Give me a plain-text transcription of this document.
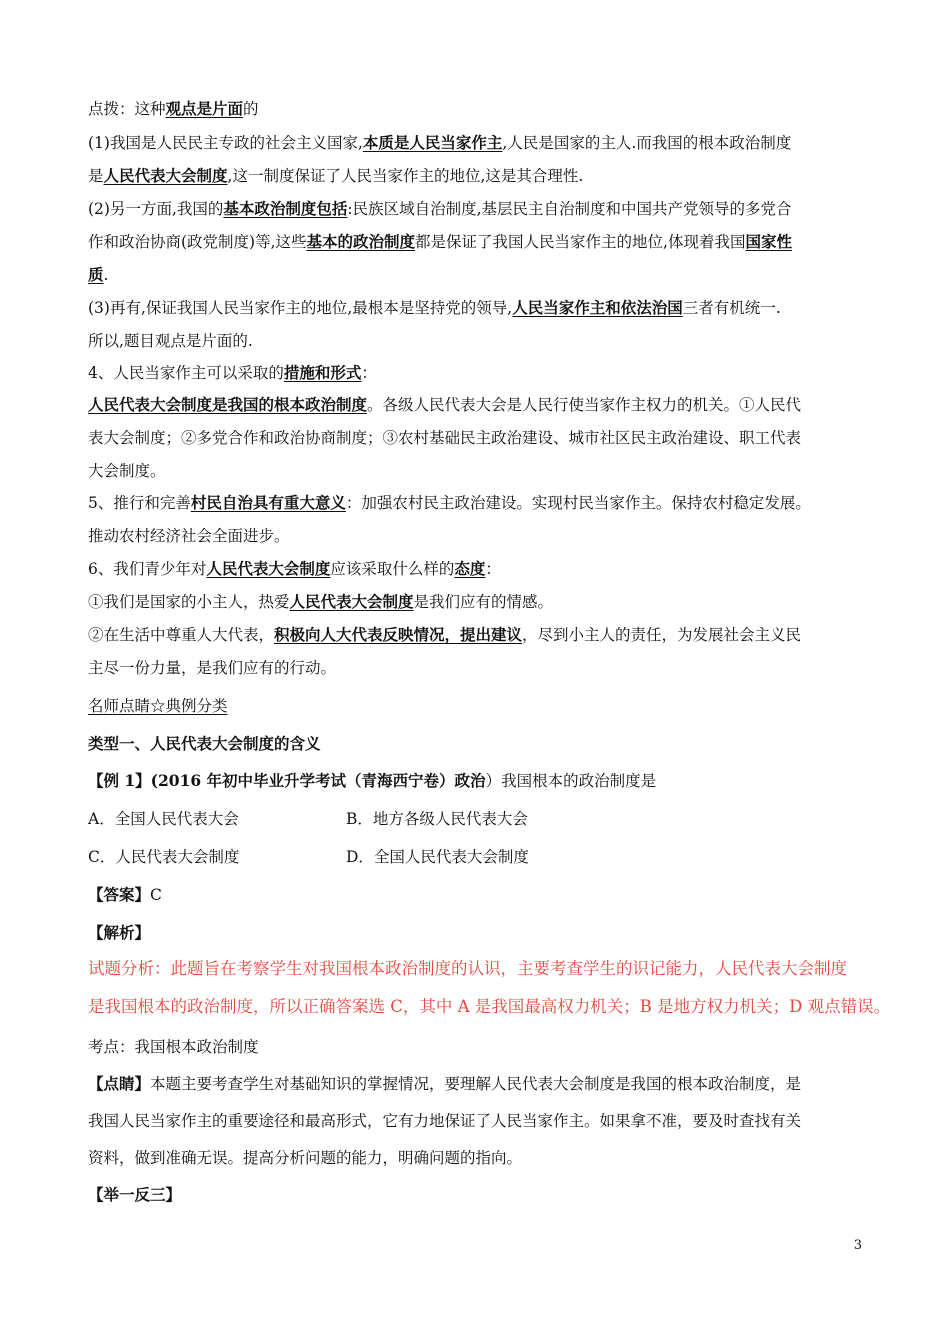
点拨：这种观点是片面的
(1)我国是人民民主专政的社会主义国家,本质是人民当家作主,人民是国家的主人.而我国的根本政治制度
是人民代表大会制度,这一制度保证了人民当家作主的地位,这是其合理性.
(2)另一方面,我国的基本政治制度包括:民族区域自治制度,基层民主自治制度和中国共产党领导的多党合
作和政治协商(政党制度)等,这些基本的政治制度都是保证了我国人民当家作主的地位,体现着我国国家性
质.
(3)再有,保证我国人民当家作主的地位,最根本是坚持党的领导,人民当家作主和依法治国三者有机统一.
所以,题目观点是片面的.
4、人民当家作主可以采取的措施和形式：
人民代表大会制度是我国的根本政治制度。各级人民代表大会是人民行使当家作主权力的机关。①人民代
表大会制度；②多党合作和政治协商制度；③农村基础民主政治建设、城市社区民主政治建设、职工代表
大会制度。
5、推行和完善村民自治具有重大意义：加强农村民主政治建设。实现村民当家作主。保持农村稳定发展。
推动农村经济社会全面进步。
6、我们青少年对人民代表大会制度应该采取什么样的态度：
①我们是国家的小主人，热爱人民代表大会制度是我们应有的情感。
②在生活中尊重人大代表，积极向人大代表反映情况，提出建议，尽到小主人的责任，为发展社会主义民
主尽一份力量，是我们应有的行动。
名师点睛☆典例分类
类型一、人民代表大会制度的含义
【例 1】(2016 年初中毕业升学考试（青海西宁卷）政治）我国根本的政治制度是
A．全国人民代表大会	B．地方各级人民代表大会
C．人民代表大会制度	D．全国人民代表大会制度
【答案】C
【解析】
试题分析：此题旨在考察学生对我国根本政治制度的认识，主要考查学生的识记能力，人民代表大会制度
是我国根本的政治制度，所以正确答案选 C，其中 A 是我国最高权力机关；B 是地方权力机关；D 观点错误。
考点：我国根本政治制度
【点睛】本题主要考查学生对基础知识的掌握情况，要理解人民代表大会制度是我国的根本政治制度，是
我国人民当家作主的重要途径和最高形式，它有力地保证了人民当家作主。如果拿不准，要及时查找有关
资料，做到准确无误。提高分析问题的能力，明确问题的指向。
【举一反三】
3
